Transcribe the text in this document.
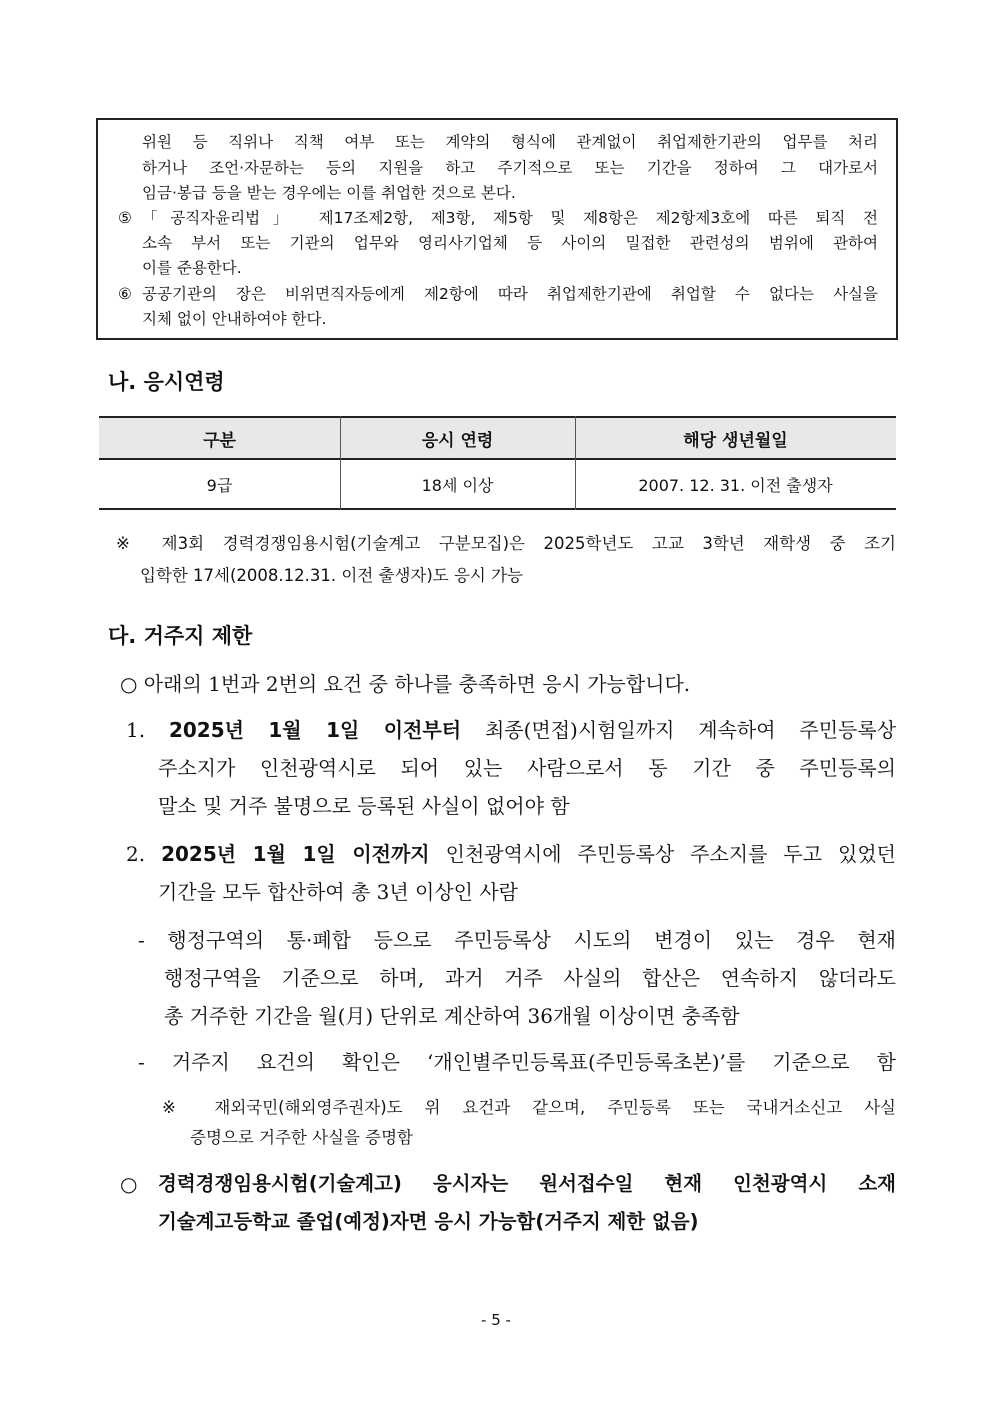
위원 등 직위나 직책 여부 또는 계약의 형식에 관계없이 취업제한기관의 업무를 처리
하거나 조언·자문하는 등의 지원을 하고 주기적으로 또는 기간을 정하여 그 대가로서
임금·봉급 등을 받는 경우에는 이를 취업한 것으로 본다.
⑤ 「공직자윤리법」 제17조제2항, 제3항, 제5항 및 제8항은 제2항제3호에 따른 퇴직 전
소속 부서 또는 기관의 업무와 영리사기업체 등 사이의 밀접한 관련성의 범위에 관하여
이를 준용한다.
⑥ 공공기관의 장은 비위면직자등에게 제2항에 따라 취업제한기관에 취업할 수 없다는 사실을
지체 없이 안내하여야 한다.
나. 응시연령
구분	응시 연령	해당 생년월일
9급	18세 이상	2007. 12. 31. 이전 출생자
※ 제3회 경력경쟁임용시험(기술계고 구분모집)은 2025학년도 고교 3학년 재학생 중 조기
입학한 17세(2008.12.31. 이전 출생자)도 응시 가능
다. 거주지 제한
○ 아래의 1번과 2번의 요건 중 하나를 충족하면 응시 가능합니다.
1. 2025년 1월 1일 이전부터 최종(면접)시험일까지 계속하여 주민등록상
주소지가 인천광역시로 되어 있는 사람으로서 동 기간 중 주민등록의
말소 및 거주 불명으로 등록된 사실이 없어야 함
2. 2025년 1월 1일 이전까지 인천광역시에 주민등록상 주소지를 두고 있었던
기간을 모두 합산하여 총 3년 이상인 사람
- 행정구역의 통·폐합 등으로 주민등록상 시도의 변경이 있는 경우 현재
행정구역을 기준으로 하며, 과거 거주 사실의 합산은 연속하지 않더라도
총 거주한 기간을 월(月) 단위로 계산하여 36개월 이상이면 충족함
- 거주지 요건의 확인은 ‘개인별주민등록표(주민등록초본)’를 기준으로 함
※ 재외국민(해외영주권자)도 위 요건과 같으며, 주민등록 또는 국내거소신고 사실
증명으로 거주한 사실을 증명함
○ 경력경쟁임용시험(기술계고) 응시자는 원서접수일 현재 인천광역시 소재
기술계고등학교 졸업(예정)자면 응시 가능함(거주지 제한 없음)
- 5 -
